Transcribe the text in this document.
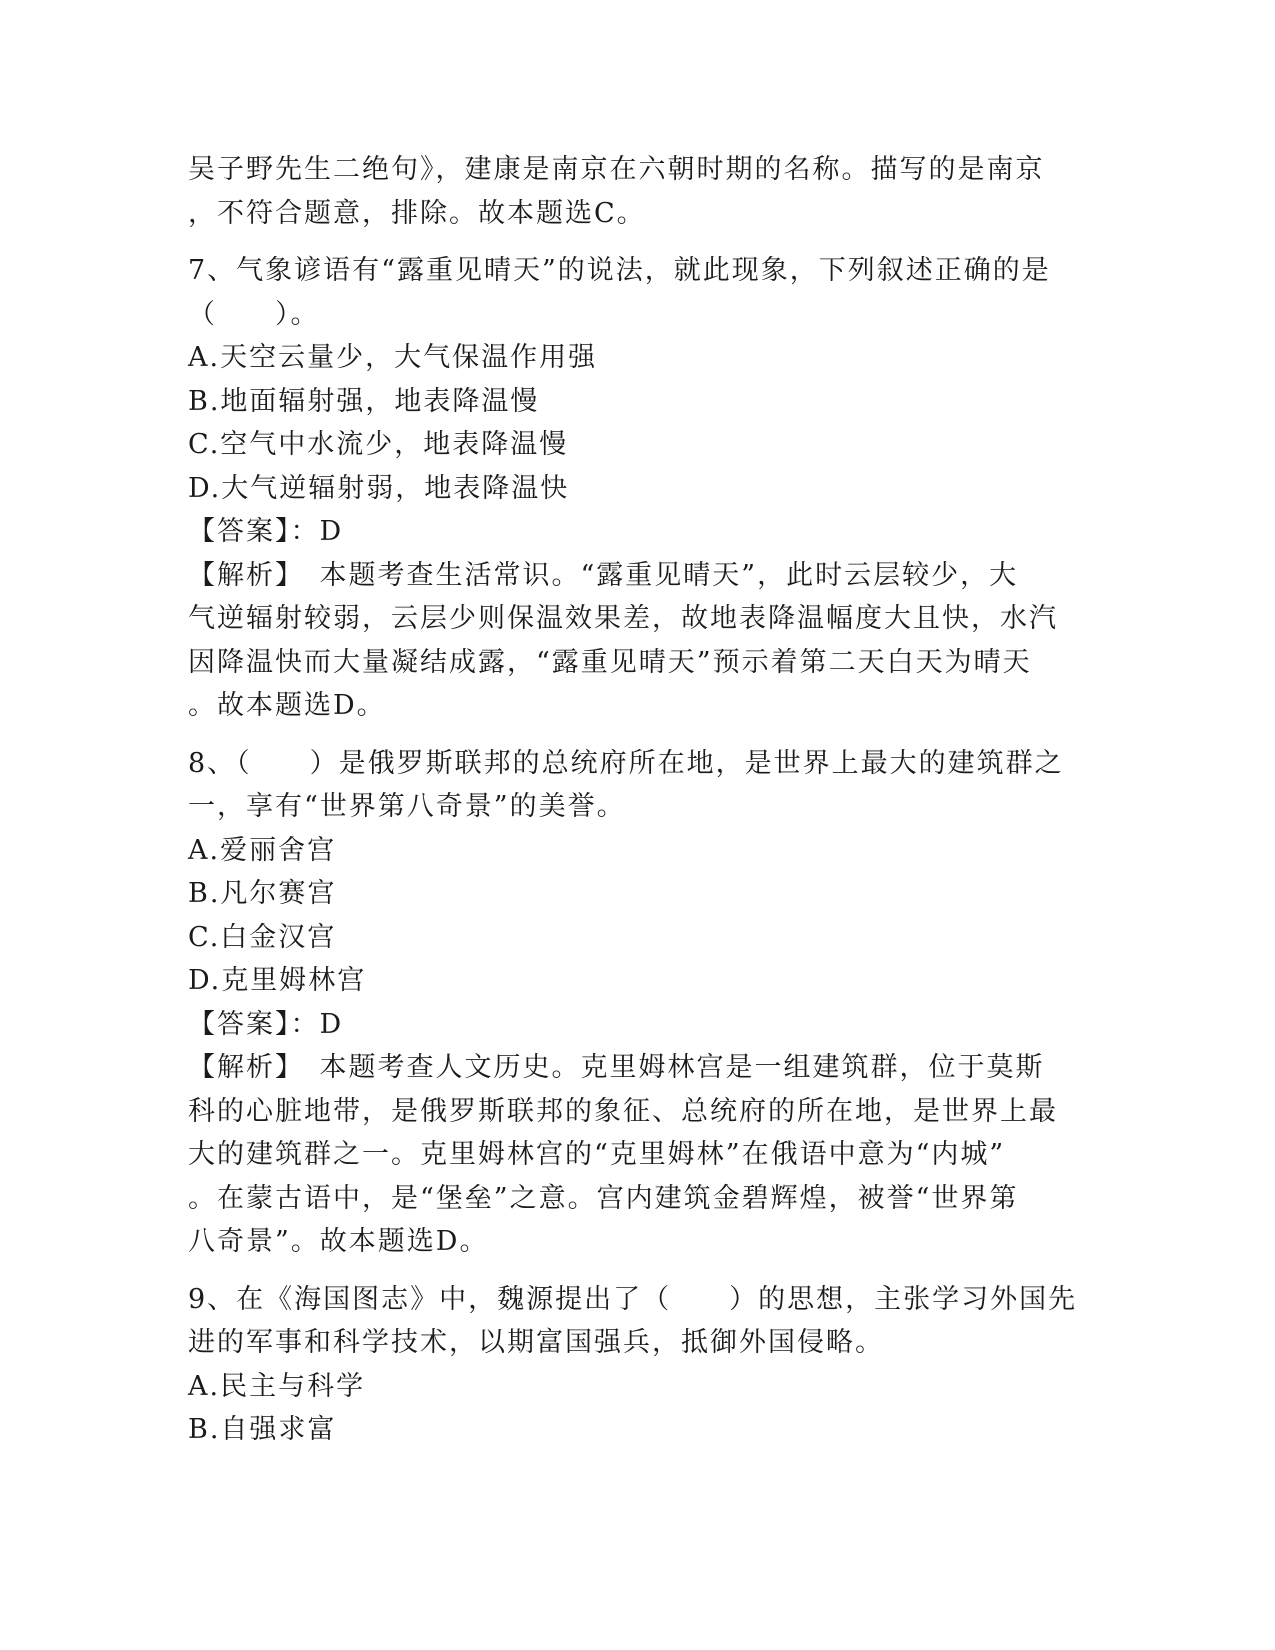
吴子野先生二绝句》，建康是南京在六朝时期的名称。描写的是南京
，不符合题意，排除。故本题选C。
7、气象谚语有“露重见晴天”的说法，就此现象，下列叙述正确的是
（　　）。
A.天空云量少，大气保温作用强
B.地面辐射强，地表降温慢
C.空气中水流少，地表降温慢
D.大气逆辐射弱，地表降温快
【答案】：D
【解析】　本题考查生活常识。“露重见晴天”，此时云层较少，大
气逆辐射较弱，云层少则保温效果差，故地表降温幅度大且快，水汽
因降温快而大量凝结成露，“露重见晴天”预示着第二天白天为晴天
。故本题选D。
8、（　　）是俄罗斯联邦的总统府所在地，是世界上最大的建筑群之
一，享有“世界第八奇景”的美誉。
A.爱丽舍宫
B.凡尔赛宫
C.白金汉宫
D.克里姆林宫
【答案】：D
【解析】　本题考查人文历史。克里姆林宫是一组建筑群，位于莫斯
科的心脏地带，是俄罗斯联邦的象征、总统府的所在地，是世界上最
大的建筑群之一。克里姆林宫的“克里姆林”在俄语中意为“内城”
。在蒙古语中，是“堡垒”之意。宫内建筑金碧辉煌，被誉“世界第
八奇景”。故本题选D。
9、在《海国图志》中，魏源提出了（　　）的思想，主张学习外国先
进的军事和科学技术，以期富国强兵，抵御外国侵略。
A.民主与科学
B.自强求富
